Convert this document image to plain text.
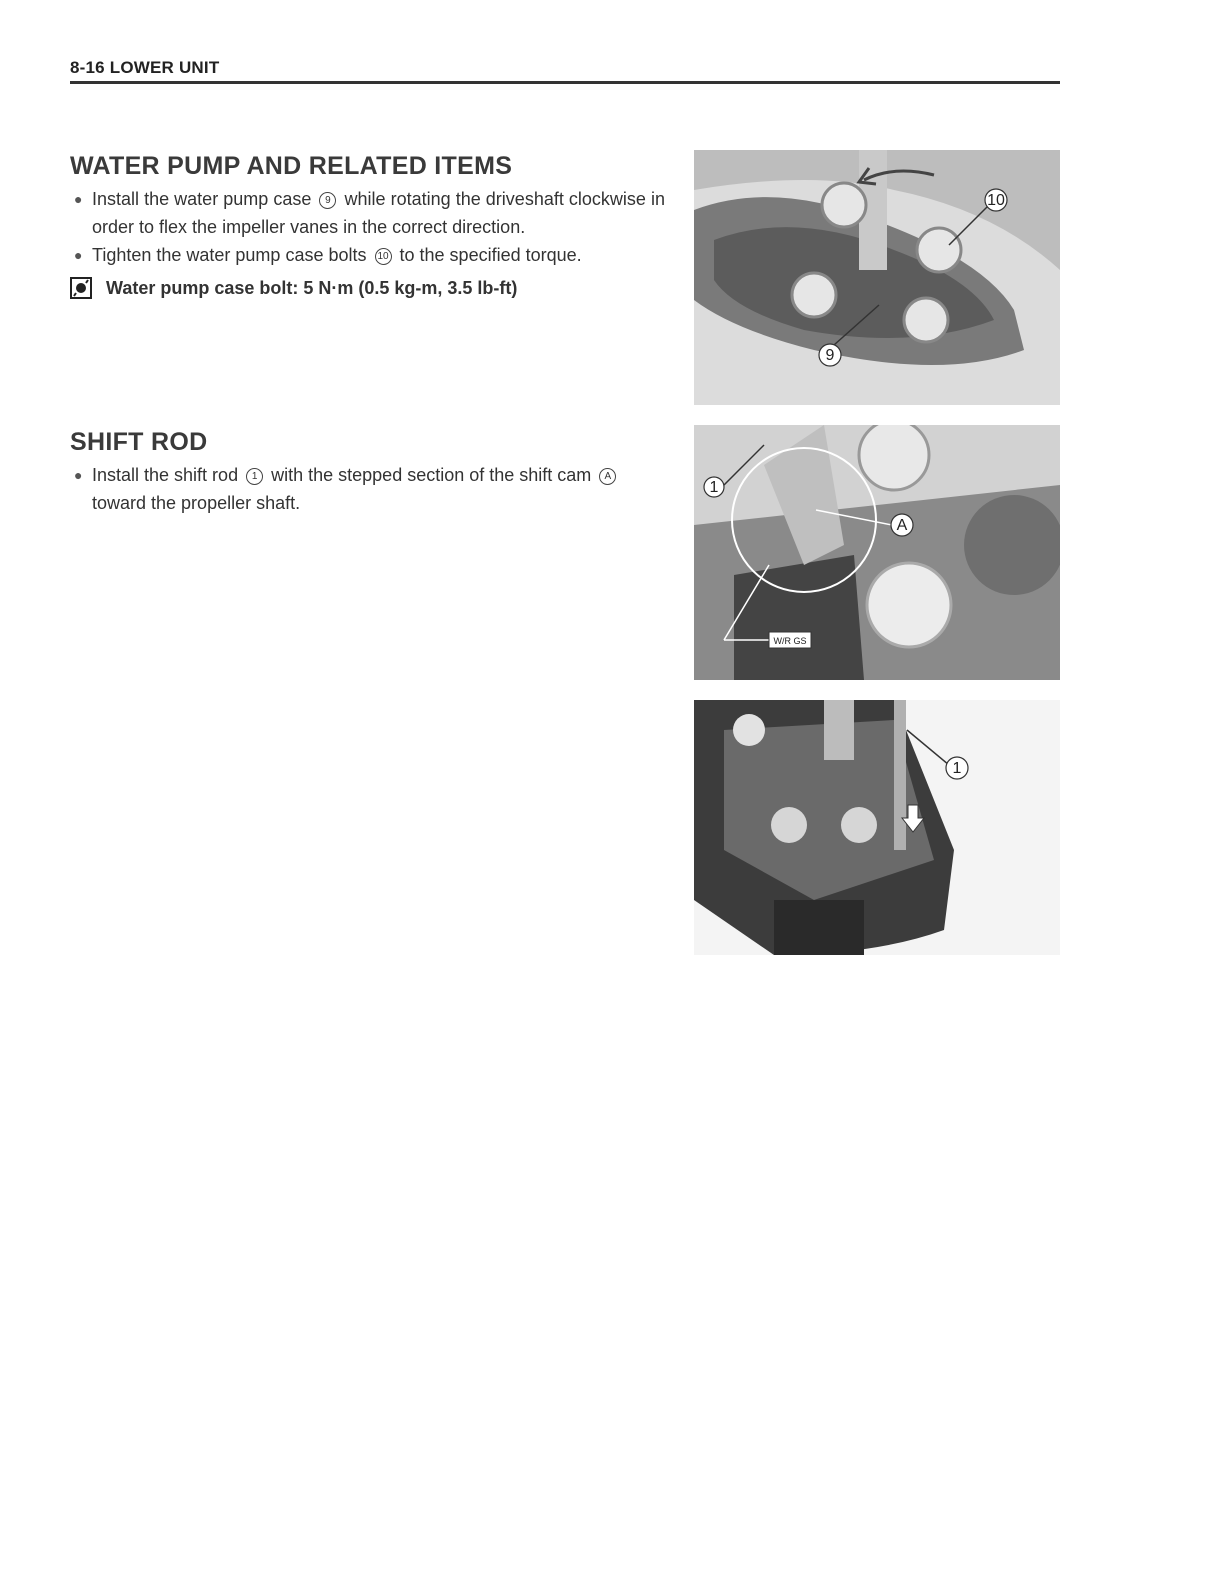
8-16 LOWER UNIT
WATER PUMP AND RELATED ITEMS
● Install the water pump case 9 while rotating the driveshaft clockwise in order to flex the impeller vanes in the correct direction.
● Tighten the water pump case bolts 10 to the specified torque.
Water pump case bolt: 5 N·m (0.5 kg-m, 3.5 lb-ft)
SHIFT ROD
● Install the shift rod 1 with the stepped section of the shift cam A toward the propeller shaft.
10
9
1
A
W/R GS
1
